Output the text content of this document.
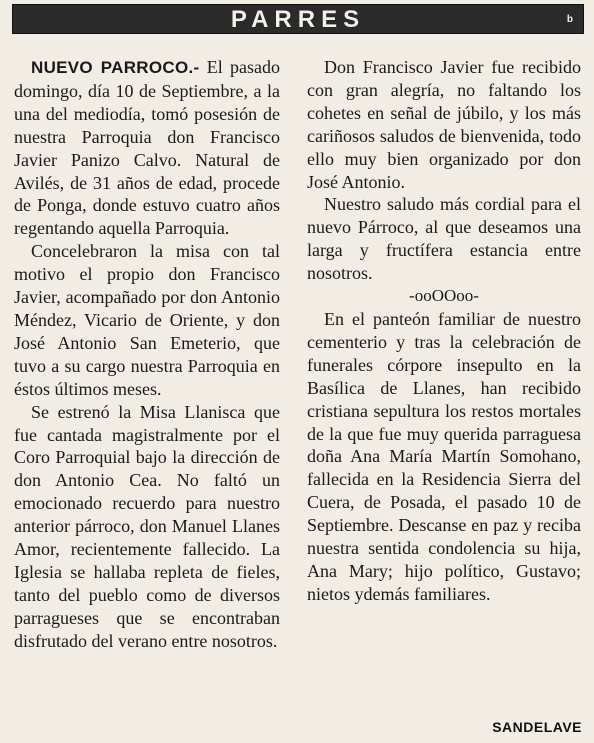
PARRES	b

NUEVO PARROCO.- El pasado domingo, día 10 de Septiembre, a la una del mediodía, tomó posesión de nuestra Parroquia don Francisco Javier Panizo Calvo. Natural de Avilés, de 31 años de edad, procede de Ponga, donde estuvo cuatro años regentando aquella Parroquia.

Concelebraron la misa con tal motivo el propio don Francisco Javier, acompañado por don Antonio Méndez, Vicario de Oriente, y don José Antonio San Emeterio, que tuvo a su cargo nuestra Parroquia en éstos últimos meses.

Se estrenó la Misa Llanisca que fue cantada magistralmente por el Coro Parroquial bajo la dirección de don Antonio Cea. No faltó un emocionado recuerdo para nuestro anterior párroco, don Manuel Llanes Amor, recientemente fallecido. La Iglesia se hallaba repleta de fieles, tanto del pueblo como de diversos parragueses que se encontraban disfrutado del verano entre nosotros.

Don Francisco Javier fue recibido con gran alegría, no faltando los cohetes en señal de júbilo, y los más cariñosos saludos de bienvenida, todo ello muy bien organizado por don José Antonio.

Nuestro saludo más cordial para el nuevo Párroco, al que deseamos una larga y fructífera estancia entre nosotros.

-ooOOoo-

En el panteón familiar de nuestro cementerio y tras la celebración de funerales córpore insepulto en la Basílica de Llanes, han recibido cristiana sepultura los restos mortales de la que fue muy querida parraguesa doña Ana María Martín Somohano, fallecida en la Residencia Sierra del Cuera, de Posada, el pasado 10 de Septiembre. Descanse en paz y reciba nuestra sentida condolencia su hija, Ana Mary; hijo político, Gustavo; nietos ydemás familiares.

SANDELAVE
